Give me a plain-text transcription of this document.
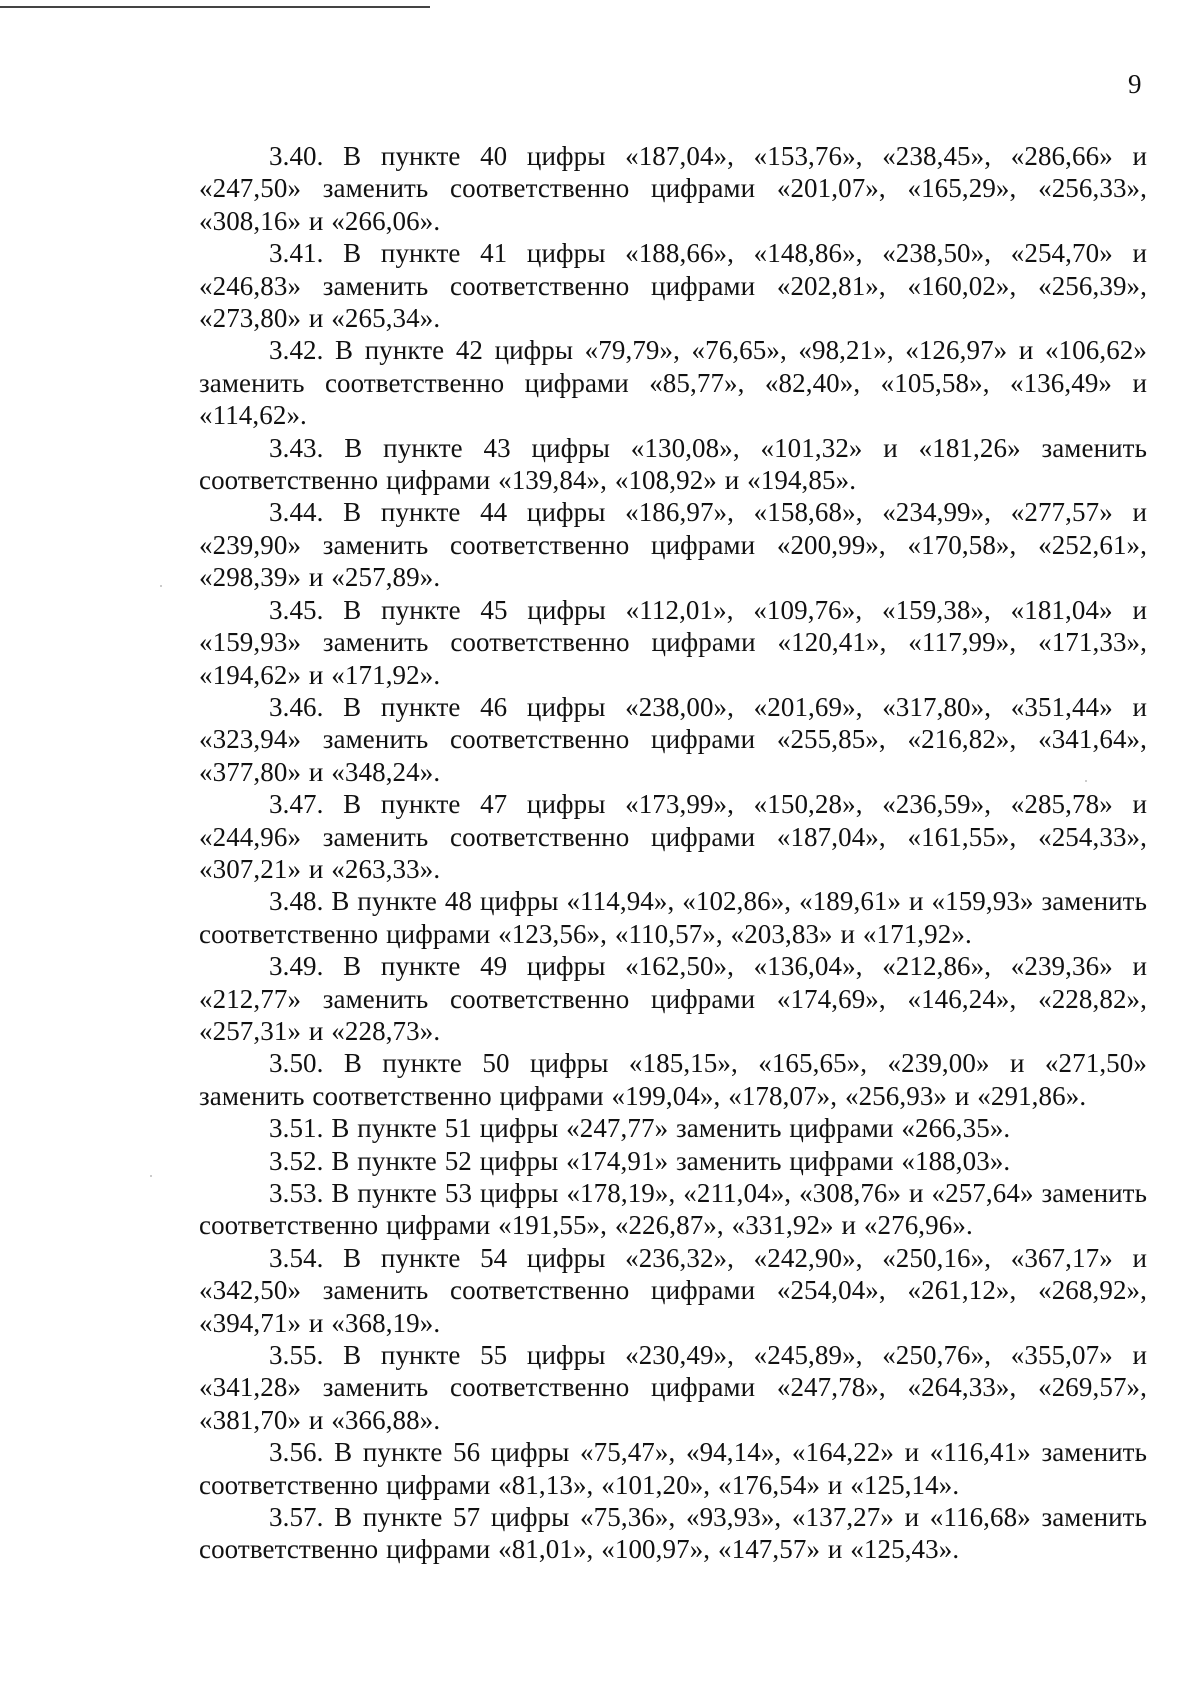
9

3.40. В пункте 40 цифры «187,04», «153,76», «238,45», «286,66» и «247,50» заменить соответственно цифрами «201,07», «165,29», «256,33», «308,16» и «266,06».

3.41. В пункте 41 цифры «188,66», «148,86», «238,50», «254,70» и «246,83» заменить соответственно цифрами «202,81», «160,02», «256,39», «273,80» и «265,34».

3.42. В пункте 42 цифры «79,79», «76,65», «98,21», «126,97» и «106,62» заменить соответственно цифрами «85,77», «82,40», «105,58», «136,49» и «114,62».

3.43. В пункте 43 цифры «130,08», «101,32» и «181,26» заменить соответственно цифрами «139,84», «108,92» и «194,85».

3.44. В пункте 44 цифры «186,97», «158,68», «234,99», «277,57» и «239,90» заменить соответственно цифрами «200,99», «170,58», «252,61», «298,39» и «257,89».

3.45. В пункте 45 цифры «112,01», «109,76», «159,38», «181,04» и «159,93» заменить соответственно цифрами «120,41», «117,99», «171,33», «194,62» и «171,92».

3.46. В пункте 46 цифры «238,00», «201,69», «317,80», «351,44» и «323,94» заменить соответственно цифрами «255,85», «216,82», «341,64», «377,80» и «348,24».

3.47. В пункте 47 цифры «173,99», «150,28», «236,59», «285,78» и «244,96» заменить соответственно цифрами «187,04», «161,55», «254,33», «307,21» и «263,33».

3.48. В пункте 48 цифры «114,94», «102,86», «189,61» и «159,93» заменить соответственно цифрами «123,56», «110,57», «203,83» и «171,92».

3.49. В пункте 49 цифры «162,50», «136,04», «212,86», «239,36» и «212,77» заменить соответственно цифрами «174,69», «146,24», «228,82», «257,31» и «228,73».

3.50. В пункте 50 цифры «185,15», «165,65», «239,00» и «271,50» заменить соответственно цифрами «199,04», «178,07», «256,93» и «291,86».

3.51. В пункте 51 цифры «247,77» заменить цифрами «266,35».

3.52. В пункте 52 цифры «174,91» заменить цифрами «188,03».

3.53. В пункте 53 цифры «178,19», «211,04», «308,76» и «257,64» заменить соответственно цифрами «191,55», «226,87», «331,92» и «276,96».

3.54. В пункте 54 цифры «236,32», «242,90», «250,16», «367,17» и «342,50» заменить соответственно цифрами «254,04», «261,12», «268,92», «394,71» и «368,19».

3.55. В пункте 55 цифры «230,49», «245,89», «250,76», «355,07» и «341,28» заменить соответственно цифрами «247,78», «264,33», «269,57», «381,70» и «366,88».

3.56. В пункте 56 цифры «75,47», «94,14», «164,22» и «116,41» заменить соответственно цифрами «81,13», «101,20», «176,54» и «125,14».

3.57. В пункте 57 цифры «75,36», «93,93», «137,27» и «116,68» заменить соответственно цифрами «81,01», «100,97», «147,57» и «125,43».
